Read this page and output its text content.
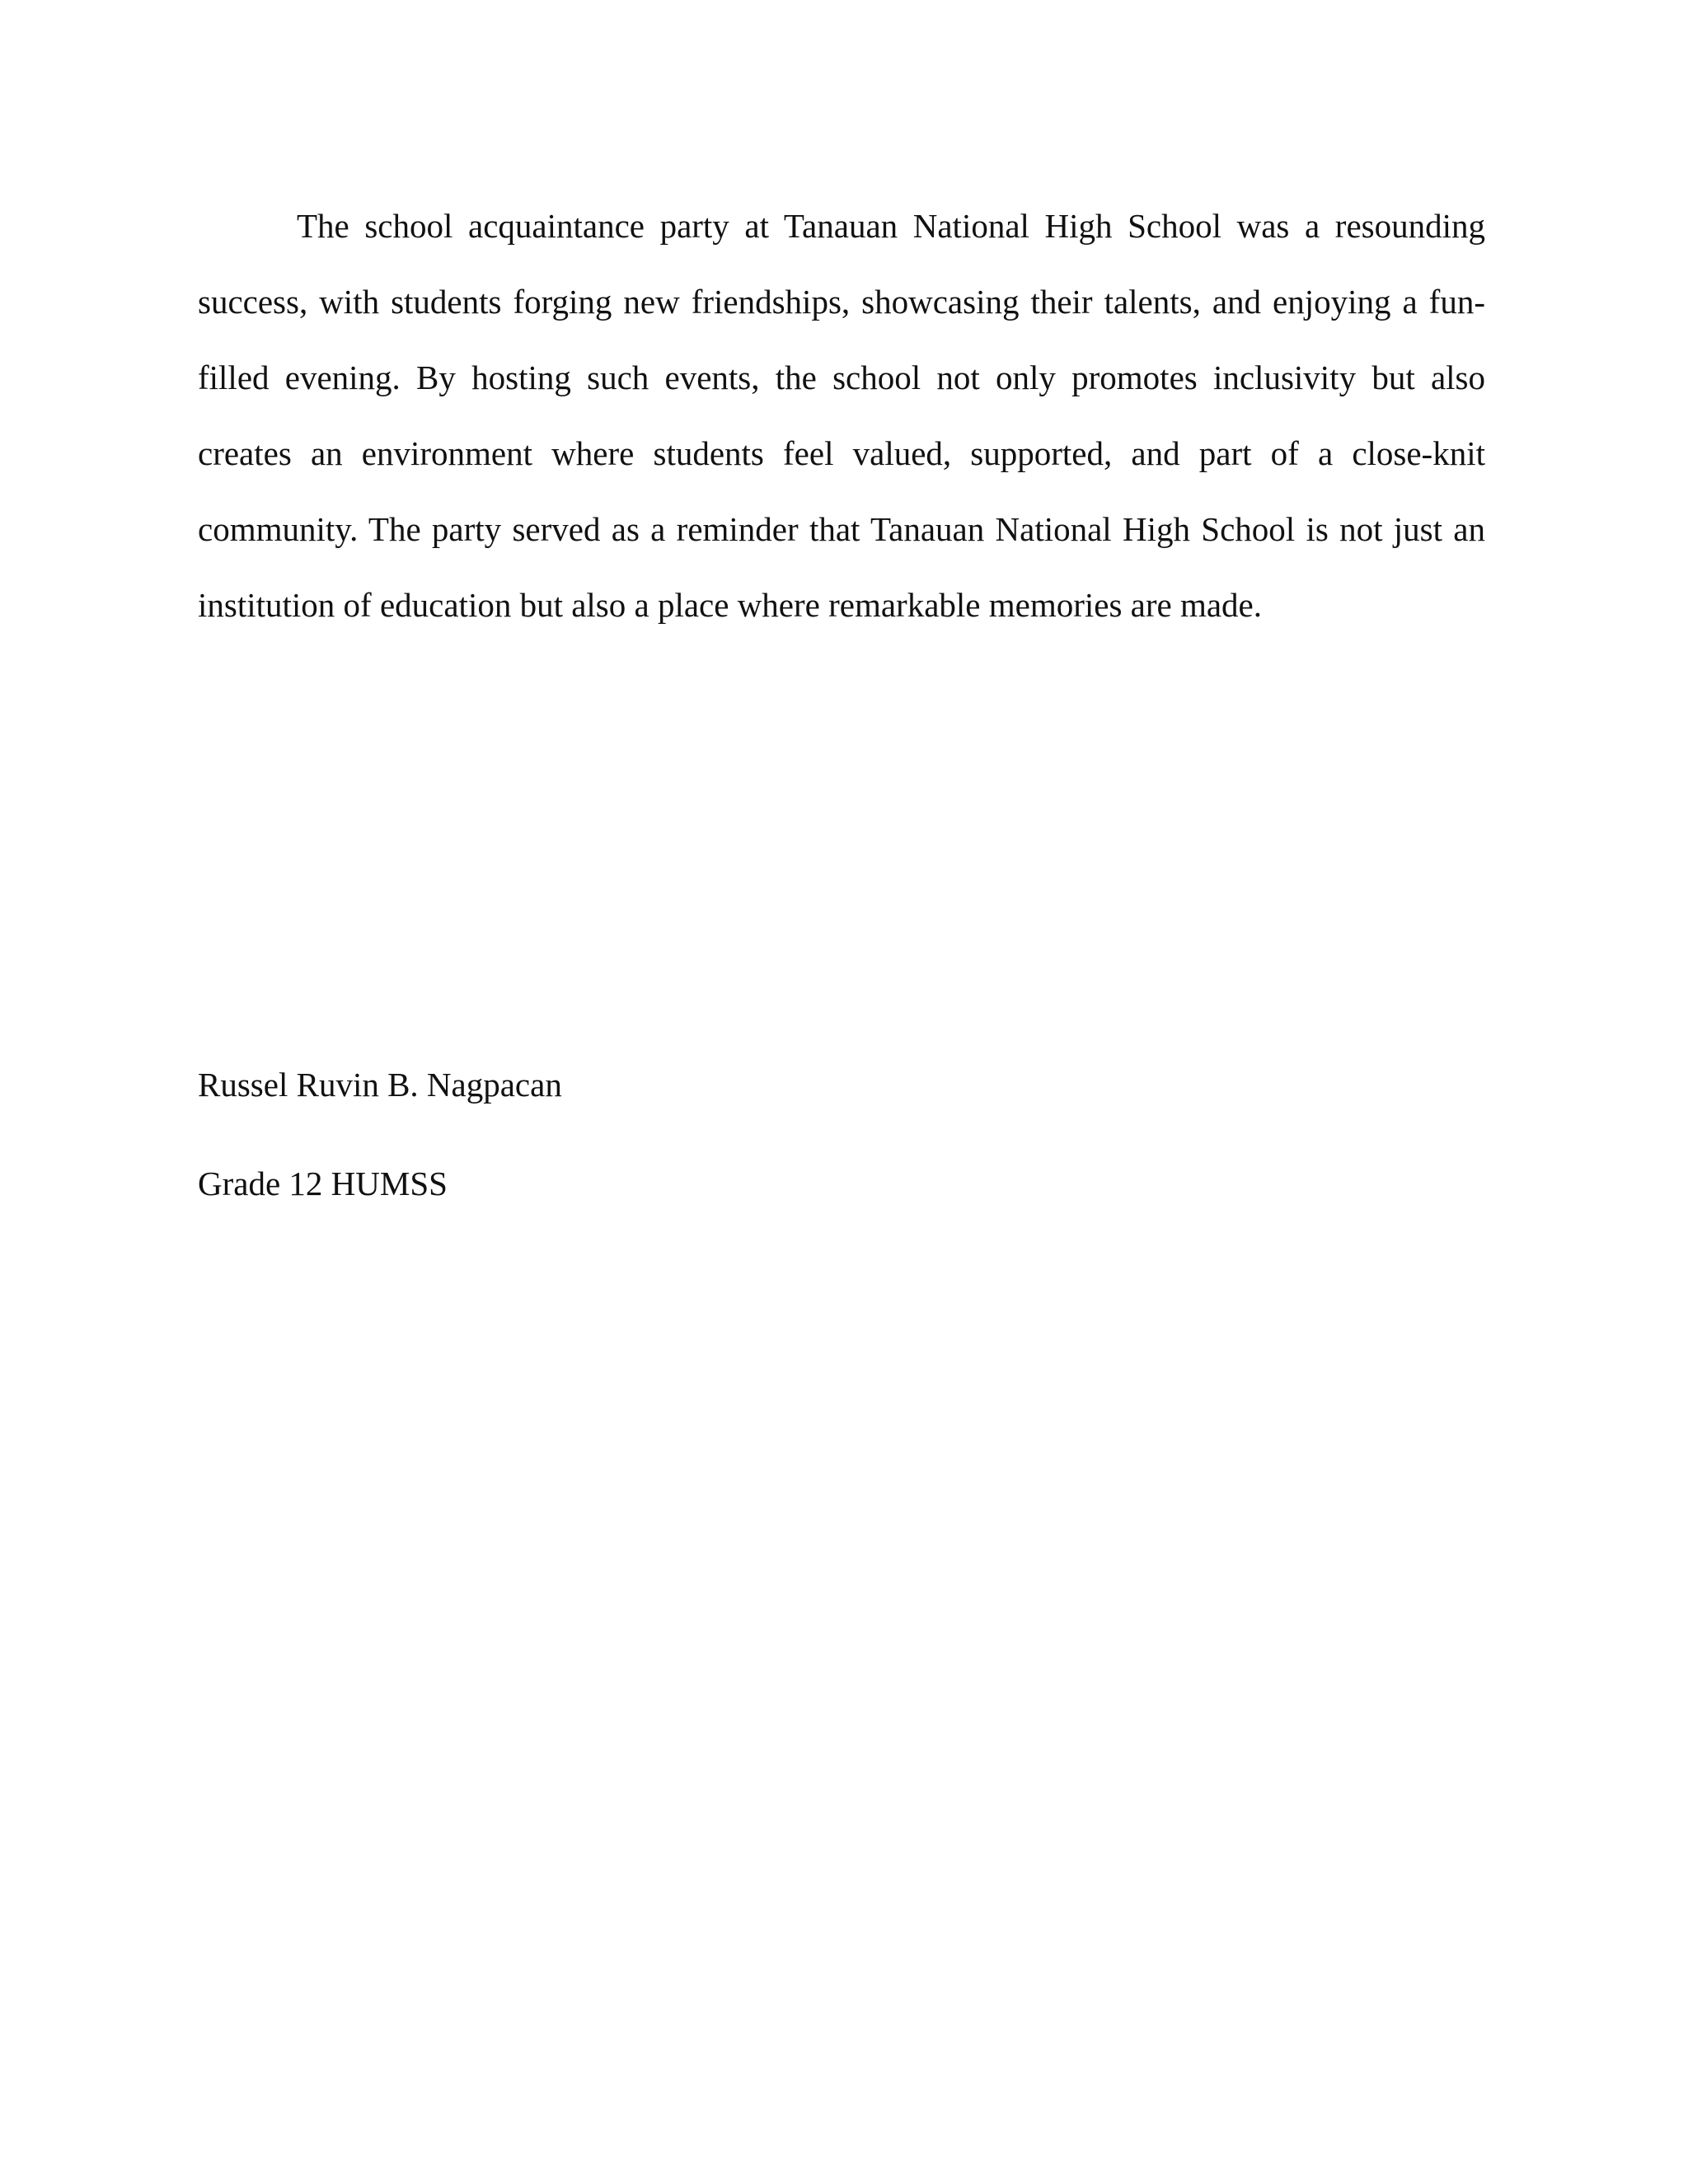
The school acquaintance party at Tanauan National High School was a resounding success, with students forging new friendships, showcasing their talents, and enjoying a fun-filled evening. By hosting such events, the school not only promotes inclusivity but also creates an environment where students feel valued, supported, and part of a close-knit community. The party served as a reminder that Tanauan National High School is not just an institution of education but also a place where remarkable memories are made.

Russel Ruvin B. Nagpacan

Grade 12 HUMSS
